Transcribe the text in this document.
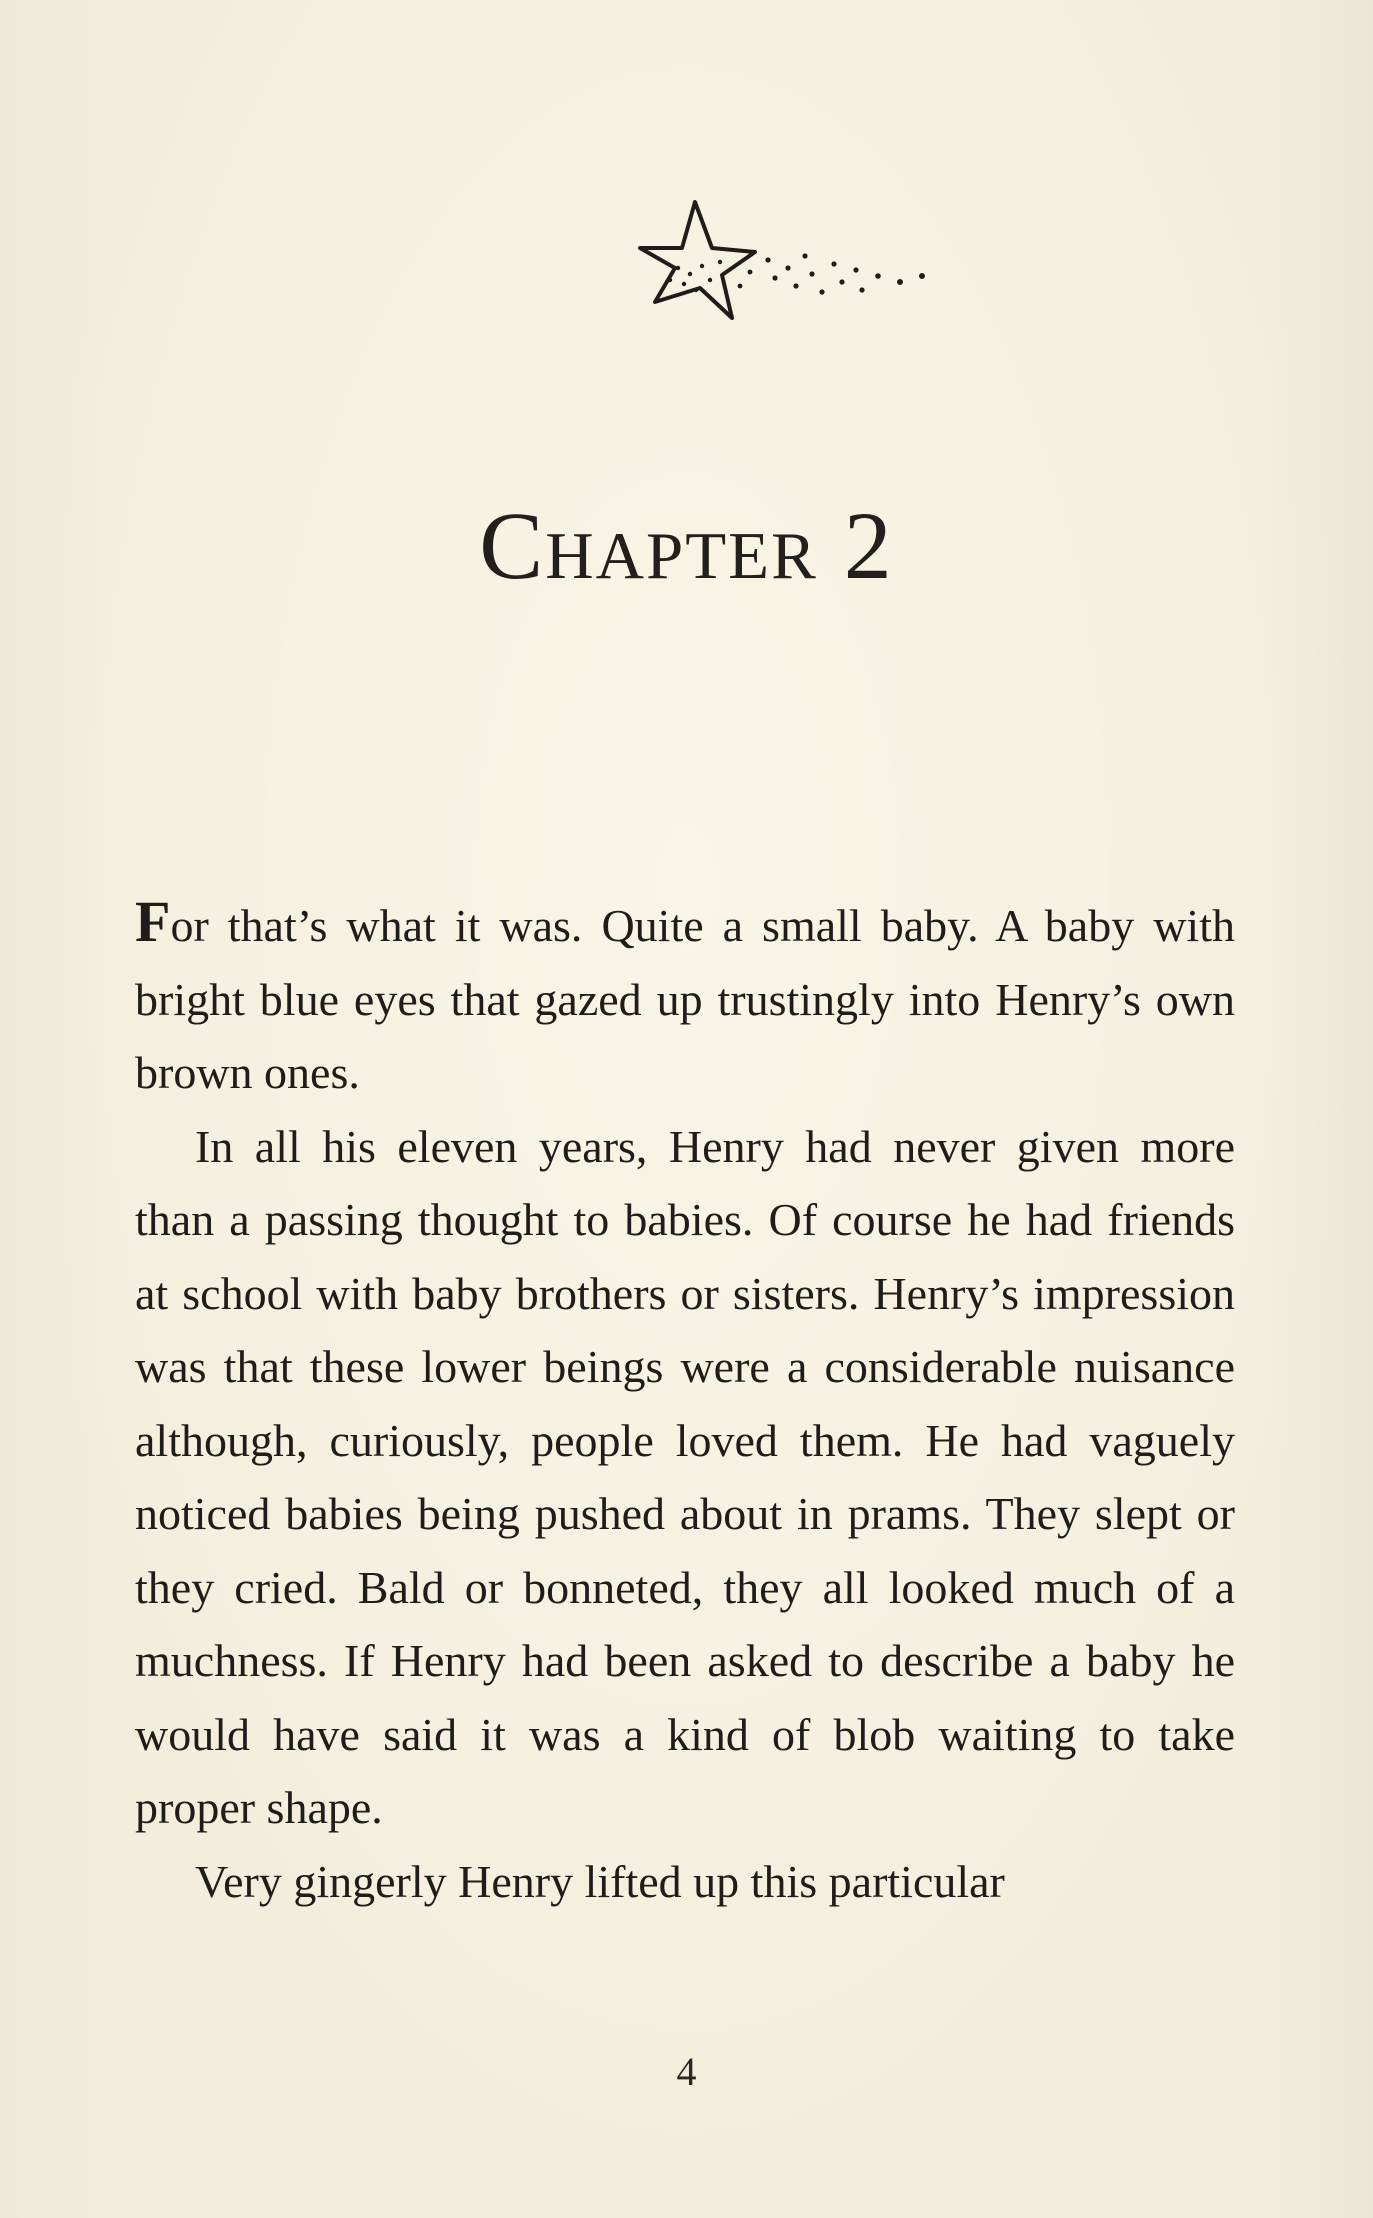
Chapter 2

For that’s what it was. Quite a small baby. A baby with bright blue eyes that gazed up trustingly into Henry’s own brown ones.

In all his eleven years, Henry had never given more than a passing thought to babies. Of course he had friends at school with baby brothers or sisters. Henry’s impression was that these lower beings were a considerable nuisance although, curiously, people loved them. He had vaguely noticed babies being pushed about in prams. They slept or they cried. Bald or bonneted, they all looked much of a muchness. If Henry had been asked to describe a baby he would have said it was a kind of blob waiting to take proper shape.

Very gingerly Henry lifted up this particular

4
